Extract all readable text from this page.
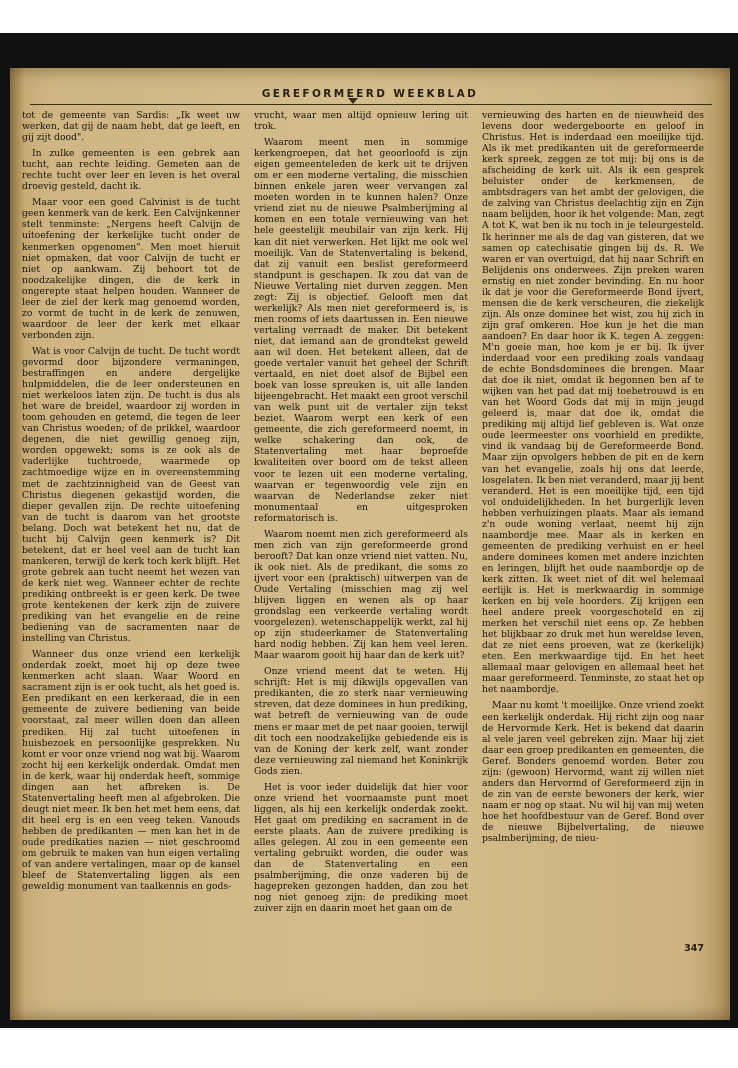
GEREFORMEERD WEEKBLAD

tot de gemeente van Sardis: „Ik weet uw werken, dat gij de naam hebt, dat ge leeft, en gij zijt dood".

In zulke gemeenten is een gebrek aan tucht, aan rechte leiding. Gemeten aan de rechte tucht over leer en leven is het overal droevig gesteld, dacht ik.

Maar voor een goed Calvinist is de tucht geen kenmerk van de kerk. Een Calvijnkenner stelt tenminste: „Nergens heeft Calvijn de uitoefening der kerkelijke tucht onder de kenmerken opgenomen". Men moet hieruit niet opmaken, dat voor Calvijn de tucht er niet op aankwam. Zij behoort tot de noodzakelijke dingen, die de kerk in ongerepte staat helpen houden. Wanneer de leer de ziel der kerk mag genoemd worden, zo vormt de tucht in de kerk de zenuwen, waardoor de leer der kerk met elkaar verbonden zijn.

Wat is voor Calvijn de tucht. De tucht wordt gevormd door bijzondere vermaningen, bestraffingen en andere dergelijke hulpmiddelen, die de leer ondersteunen en niet werkeloos laten zijn. De tucht is dus als het ware de breidel, waardoor zij worden in toom gehouden en getemd, die tegen de leer van Christus woeden; of de prikkel, waardoor degenen, die niet gewillig genoeg zijn, worden opgewekt; soms is ze ook als de vaderlijke tuchtroede, waarmede op zachtmoedige wijze en in overeenstemming met de zachtzinnigheid van de Geest van Christus diegenen gekastijd worden, die dieper gevallen zijn. De rechte uitoefening van de tucht is daarom van het grootste belang. Doch wat betekent het nu, dat de tucht bij Calvijn geen kenmerk is? Dit betekent, dat er heel veel aan de tucht kan mankeren, terwijl de kerk toch kerk blijft. Het grote gebrek aan tucht neemt het wezen van de kerk niet weg. Wanneer echter de rechte prediking ontbreekt is er geen kerk. De twee grote kentekenen der kerk zijn de zuivere prediking van het evangelie en de reine bediening van de sacramenten naar de instelling van Christus.

Wanneer dus onze vriend een kerkelijk onderdak zoekt, moet hij op deze twee kenmerken acht slaan. Waar Woord en sacrament zijn is er ook tucht, als het goed is. Een predikant en een kerkeraad, die in een gemeente de zuivere bediening van beide voorstaat, zal meer willen doen dan alleen prediken. Hij zal tucht uitoefenen in huisbezoek en persoonlijke gesprekken. Nu komt er voor onze vriend nog wat bij. Waarom zocht hij een kerkelijk onderdak. Omdat men in de kerk, waar hij onderdak heeft, sommige dingen aan het afbreken is. De Statenvertaling heeft men al afgebroken. Die deugt niet meer. Ik ben het met hem eens, dat dit heel erg is en een veeg teken. Vanouds hebben de predikanten — men kan het in de oude predikaties nazien — niet geschroomd om gebruik te maken van hun eigen vertaling of van andere vertalingen, maar op de kansel bleef de Statenvertaling liggen als een geweldig monument van taalkennis en gods-

vrucht, waar men altijd opnieuw lering uit trok.

Waarom meent men in sommige kerkengroepen, dat het geoorloofd is zijn eigen gemeenteleden de kerk uit te drijven om er een moderne vertaling, die misschien binnen enkele jaren weer vervangen zal moeten worden in te kunnen halen? Onze vriend ziet nu de nieuwe Psalmberijming al komen en een totale vernieuwing van het hele geestelijk meubilair van zijn kerk. Hij kan dit niet verwerken. Het lijkt me ook wel moeilijk. Van de Statenvertaling is bekend, dat zij vanuit een beslist gereformeerd standpunt is geschapen. Ik zou dat van de Nieuwe Vertaling niet durven zeggen. Men zegt: Zij is objectief. Gelooft men dat werkelijk? Als men niet gereformeerd is, is men rooms of iets daartussen in. Een nieuwe vertaling verraadt de maker. Dit betekent niet, dat iemand aan de grondtekst geweld aan wil doen. Het betekent alleen, dat de goede vertaler vanuit het geheel der Schrift vertaald, en niet doet alsof de Bijbel een boek van losse spreuken is, uit alle landen bijeengebracht. Het maakt een groot verschil van welk punt uit de vertaler zijn tekst beziet. Waarom werpt een kerk of een gemeente, die zich gereformeerd noemt, in welke schakering dan ook, de Statenvertaling met haar beproefde kwaliteiten over boord om de tekst alleen voor te lezen uit een moderne vertaling, waarvan er tegenwoordig vele zijn en waarvan de Nederlandse zeker niet monumentaal en uitgesproken reformatorisch is.

Waarom noemt men zich gereformeerd als men zich van zijn gereformeerde grond berooft? Dat kan onze vriend niet vatten. Nu, ik ook niet. Als de predikant, die soms zo ijvert voor een (praktisch) uitwerpen van de Oude Vertaling (misschien mag zij wel blijven liggen en wenen als op haar grondslag een verkeerde vertaling wordt voorgelezen). wetenschappelijk werkt, zal hij op zijn studeerkamer de Statenvertaling hard nodig hebben. Zij kan hem veel leren. Maar waarom gooit hij haar dan de kerk uit?

Onze vriend meent dat te weten. Hij schrijft: Het is mij dikwijls opgevallen van predikanten, die zo sterk naar vernieuwing streven, dat deze dominees in hun prediking, wat betreft de vernieuwing van de oude mens er maar met de pet naar gooien, terwijl dit toch een noodzakelijke gebiedende eis is van de Koning der kerk zelf, want zonder deze vernieuwing zal niemand het Koninkrijk Gods zien.

Het is voor ieder duidelijk dat hier voor onze vriend het voornaamste punt moet liggen, als hij een kerkelijk onderdak zoekt. Het gaat om prediking en sacrament in de eerste plaats. Aan de zuivere prediking is alles gelegen. Al zou in een gemeente een vertaling gebruikt worden, die ouder was dan de Statenvertaling en een psalmberijming, die onze vaderen bij de hagepreken gezongen hadden, dan zou het nog niet genoeg zijn: de prediking moet zuiver zijn en daarin moet het gaan om de

vernieuwing des harten en de nieuwheid des levens door wedergeboorte en geloof in Christus. Het is inderdaad een moeilijke tijd. Als ik met predikanten uit de gereformeerde kerk spreek, zeggen ze tot mij: bij ons is de afscheiding de kerk uit. Als ik een gesprek beluister onder de kerkmensen, de ambtsdragers van het ambt der gelovigen, die de zalving van Christus deelachtig zijn en Zijn naam belijden, hoor ik het volgende: Man, zegt A tot K, wat ben ik nu toch in je teleurgesteld. Ik herinner me als de dag van gisteren, dat we samen op catechisatie gingen bij ds. R. We waren er van overtuigd, dat hij naar Schrift en Belijdenis ons onderwees. Zijn preken waren ernstig en niet zonder bevinding. En nu hoor ik dat je voor die Gereformeerde Bond ijvert, mensen die de kerk verscheuren, die ziekelijk zijn. Als onze dominee het wist, zou hij zich in zijn graf omkeren. Hoe kun je het die man aandoen? En daar hoor ik K. tegen A. zeggen: M'n goeie man, hoe kom je er bij. Ik ijver inderdaad voor een prediking zoals vandaag de echte Bondsdominees die brengen. Maar dat doe ik niet, omdat ik begonnen ben af te wijken van het pad dat mij toebetrouwd is en van het Woord Gods dat mij in mijn jeugd geleerd is, maar dat doe ik, omdat die prediking mij altijd lief gebleven is. Wat onze oude leermeester ons voorhield en predikte, vind ik vandaag bij de Gereformeerde Bond. Maar zijn opvolgers hebben de pit en de kern van het evangelie, zoals hij ons dat leerde, losgelaten. Ik ben niet veranderd, maar jij bent veranderd. Het is een moeilijke tijd, een tijd vol onduidelijkheden. In het burgerlijk leven hebben verhuizingen plaats. Maar als iemand z'n oude woning verlaat, neemt hij zijn naambordje mee. Maar als in kerken en gemeenten de prediking verhuist en er heel andere dominees komen met andere inzichten en leringen, blijft het oude naambordje op de kerk zitten. Ik weet niet of dit wel helemaal eerlijk is. Het is merkwaardig in sommige kerken en bij vele hoorders. Zij krijgen een heel andere preek voorgeschoteld en zij merken het verschil niet eens op. Ze hebben het blijkbaar zo druk met hun wereldse leven, dat ze niet eens proeven, wat ze (kerkelijk) eten. Een merkwaardige tijd. En het heet allemaal maar gelovigen en allemaal heet het maar gereformeerd. Tenminste, zo staat het op het naambordje.

Maar nu komt 't moeilijke. Onze vriend zoekt een kerkelijk onderdak. Hij richt zijn oog naar de Hervormde Kerk. Het is bekend dat daarin al vele jaren veel gebreken zijn. Maar hij ziet daar een groep predikanten en gemeenten, die Geref. Bonders genoemd worden. Beter zou zijn: (gewoon) Hervormd, want zij willen niet anders dan Hervormd of Gereformeerd zijn in de zin van de eerste bewoners der kerk, wier naam er nog op staat. Nu wil hij van mij weten hoe het hoofdbestuur van de Geref. Bond over de nieuwe Bijbelvertaling, de nieuwe psalmberijming, de nieu-

347
